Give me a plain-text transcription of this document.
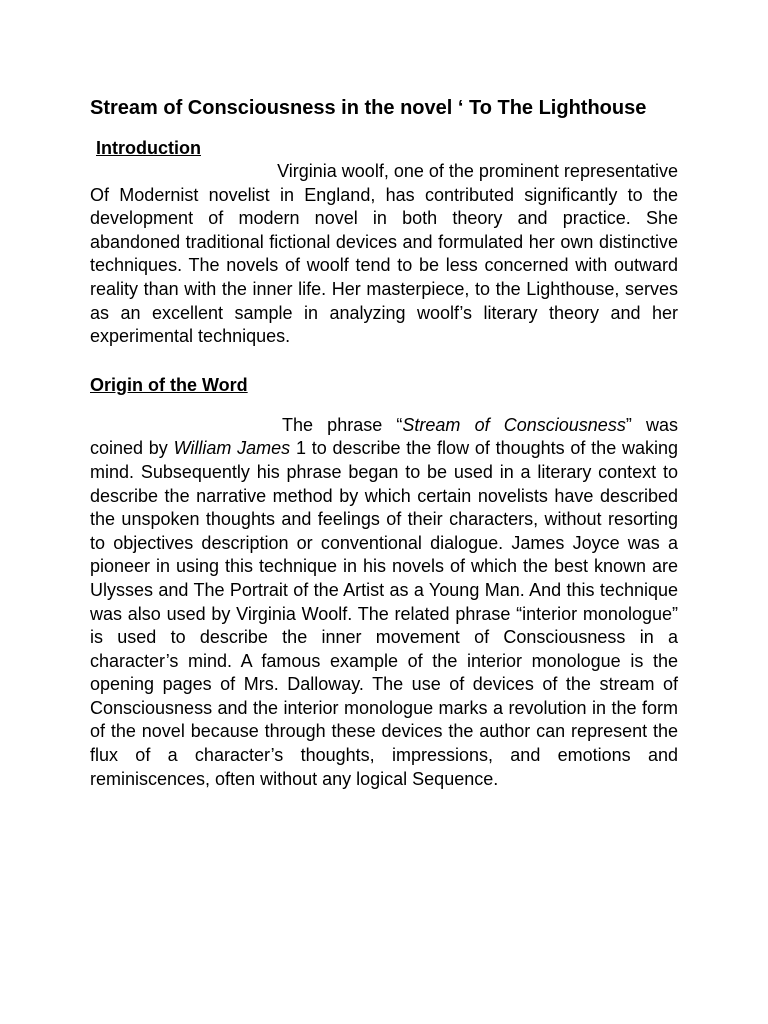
Stream of Consciousness in the novel ‘ To The Lighthouse
Introduction

Virginia woolf, one of the prominent representative

Of Modernist novelist in England, has contributed significantly to the development of modern novel in both theory and practice. She abandoned traditional fictional devices and formulated her own distinctive techniques. The novels of woolf tend to be less concerned with outward reality than with the inner life. Her masterpiece, to the Lighthouse, serves as an excellent sample in analyzing woolf’s literary theory and her experimental techniques.

Origin of the Word

The phrase “Stream of Consciousness” was coined by William James 1 to describe the flow of thoughts of the waking mind. Subsequently his phrase began to be used in a literary context to describe the narrative method by which certain novelists have described the unspoken thoughts and feelings of their characters, without resorting to objectives description or conventional dialogue. James Joyce was a pioneer in using this technique in his novels of which the best known are Ulysses and The Portrait of the Artist as a Young Man. And this technique was also used by Virginia Woolf. The related phrase “interior monologue” is used to describe the inner movement of Consciousness in a character’s mind. A famous example of the interior monologue is the opening pages of Mrs. Dalloway. The use of devices of the stream of Consciousness and the interior monologue marks a revolution in the form of the novel because through these devices the author can represent the flux of a character’s thoughts, impressions, and emotions and reminiscences, often without any logical Sequence.
